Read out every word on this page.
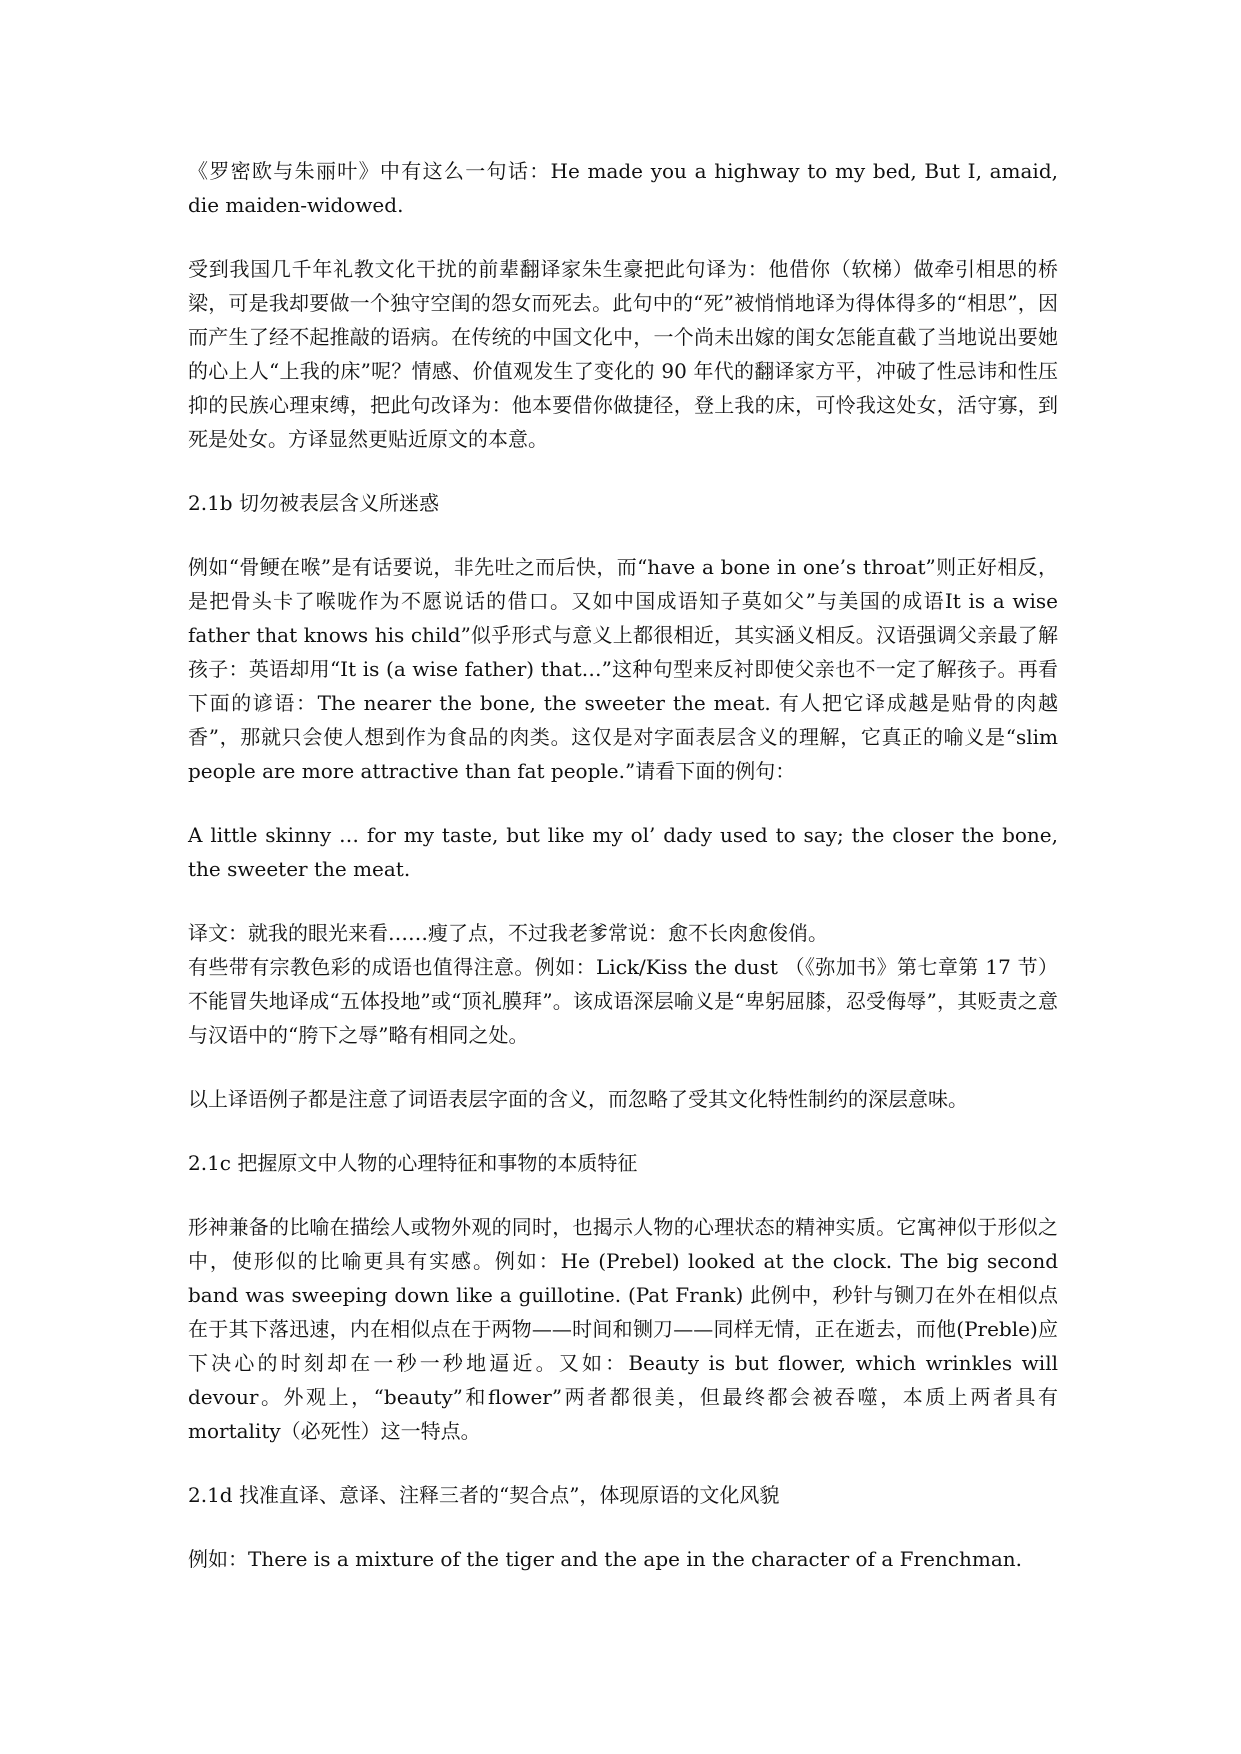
《罗密欧与朱丽叶》中有这么一句话：He made you a highway to my bed, But I, amaid, die maiden-widowed.

受到我国几千年礼教文化干扰的前辈翻译家朱生豪把此句译为：他借你（软梯）做牵引相思的桥梁，可是我却要做一个独守空闺的怨女而死去。此句中的“死”被悄悄地译为得体得多的“相思”，因而产生了经不起推敲的语病。在传统的中国文化中，一个尚未出嫁的闺女怎能直截了当地说出要她的心上人“上我的床”呢？情感、价值观发生了变化的 90 年代的翻译家方平，冲破了性忌讳和性压抑的民族心理束缚，把此句改译为：他本要借你做捷径，登上我的床，可怜我这处女，活守寡，到死是处女。方译显然更贴近原文的本意。

2.1b 切勿被表层含义所迷惑

例如“骨鲠在喉”是有话要说，非先吐之而后快，而“have a bone in one’s throat”则正好相反，是把骨头卡了喉咙作为不愿说话的借口。又如中国成语知子莫如父”与美国的成语It is a wise father that knows his child”似乎形式与意义上都很相近，其实涵义相反。汉语强调父亲最了解孩子：英语却用“It is (a wise father) that…”这种句型来反衬即使父亲也不一定了解孩子。再看下面的谚语：The nearer the bone, the sweeter the meat. 有人把它译成越是贴骨的肉越香”，那就只会使人想到作为食品的肉类。这仅是对字面表层含义的理解，它真正的喻义是“slim people are more attractive than fat people.”请看下面的例句：

A little skinny … for my taste, but like my ol’ dady used to say; the closer the bone, the sweeter the meat.

译文：就我的眼光来看……瘦了点，不过我老爹常说：愈不长肉愈俊俏。

有些带有宗教色彩的成语也值得注意。例如：Lick/Kiss the dust （《弥加书》第七章第 17 节）不能冒失地译成“五体投地”或“顶礼膜拜”。该成语深层喻义是“卑躬屈膝，忍受侮辱”，其贬责之意与汉语中的“胯下之辱”略有相同之处。

以上译语例子都是注意了词语表层字面的含义，而忽略了受其文化特性制约的深层意味。

2.1c 把握原文中人物的心理特征和事物的本质特征

形神兼备的比喻在描绘人或物外观的同时，也揭示人物的心理状态的精神实质。它寓神似于形似之中，使形似的比喻更具有实感。例如：He (Prebel) looked at the clock. The big second band was sweeping down like a guillotine. (Pat Frank) 此例中，秒针与铡刀在外在相似点在于其下落迅速，内在相似点在于两物——时间和铡刀——同样无情，正在逝去，而他(Preble)应下决心的时刻却在一秒一秒地逼近。又如：Beauty is but flower, which wrinkles will devour。外观上，“beauty”和flower”两者都很美，但最终都会被吞噬，本质上两者具有 mortality（必死性）这一特点。

2.1d 找准直译、意译、注释三者的“契合点”，体现原语的文化风貌

例如：There is a mixture of the tiger and the ape in the character of a Frenchman.
